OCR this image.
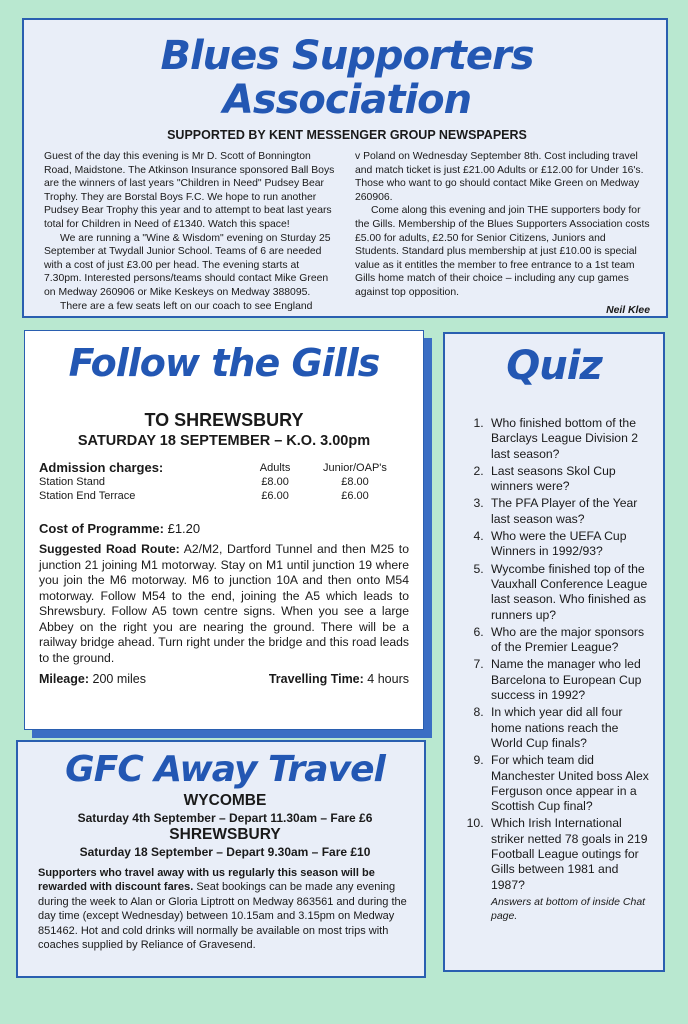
Blues Supporters Association
SUPPORTED BY KENT MESSENGER GROUP NEWSPAPERS

Guest of the day this evening is Mr D. Scott of Bonnington Road, Maidstone. The Atkinson Insurance sponsored Ball Boys are the winners of last years "Children in Need" Pudsey Bear Trophy. They are Borstal Boys F.C. We hope to run another Pudsey Bear Trophy this year and to attempt to beat last years total for Children in Need of £1340. Watch this space!

We are running a "Wine & Wisdom" evening on Sturday 25 September at Twydall Junior School. Teams of 6 are needed with a cost of just £3.00 per head. The evening starts at 7.30pm. Interested persons/teams should contact Mike Green on Medway 260906 or Mike Keskeys on Medway 388095.

There are a few seats left on our coach to see England

v Poland on Wednesday September 8th. Cost including travel and match ticket is just £21.00 Adults or £12.00 for Under 16's. Those who want to go should contact Mike Green on Medway 260906.

Come along this evening and join THE supporters body for the Gills. Membership of the Blues Supporters Association costs £5.00 for adults, £2.50 for Senior Citizens, Juniors and Students. Standard plus membership at just £10.00 is special value as it entitles the member to free entrance to a 1st team Gills home match of their choice – including any cup games against top opposition.

Neil Klee

Follow the Gills
TO SHREWSBURY
SATURDAY 18 SEPTEMBER – K.O. 3.00pm
Admission charges:	Adults	Junior/OAP's
Station Stand	£8.00	£8.00
Station End Terrace	£6.00	£6.00
Cost of Programme: £1.20
Suggested Road Route: A2/M2, Dartford Tunnel and then M25 to junction 21 joining M1 motorway. Stay on M1 until junction 19 where you join the M6 motorway. M6 to junction 10A and then onto M54 motorway. Follow M54 to the end, joining the A5 which leads to Shrewsbury. Follow A5 town centre signs. When you see a large Abbey on the right you are nearing the ground. There will be a railway bridge ahead. Turn right under the bridge and this road leads to the ground.
Mileage: 200 miles	Travelling Time: 4 hours
Quiz
1. Who finished bottom of the Barclays League Division 2 last season?
2. Last seasons Skol Cup winners were?
3. The PFA Player of the Year last season was?
4. Who were the UEFA Cup Winners in 1992/93?
5. Wycombe finished top of the Vauxhall Conference League last season. Who finished as runners up?
6. Who are the major sponsors of the Premier League?
7. Name the manager who led Barcelona to European Cup success in 1992?
8. In which year did all four home nations reach the World Cup finals?
9. For which team did Manchester United boss Alex Ferguson once appear in a Scottish Cup final?
10. Which Irish International striker netted 78 goals in 219 Football League outings for Gills between 1981 and 1987?
Answers at bottom of inside Chat page.
GFC Away Travel
WYCOMBE
Saturday 4th September – Depart 11.30am – Fare £6
SHREWSBURY
Saturday 18 September – Depart 9.30am – Fare £10
Supporters who travel away with us regularly this season will be rewarded with discount fares. Seat bookings can be made any evening during the week to Alan or Gloria Liptrott on Medway 863561 and during the day time (except Wednesday) between 10.15am and 3.15pm on Medway 851462. Hot and cold drinks will normally be available on most trips with coaches supplied by Reliance of Gravesend.
